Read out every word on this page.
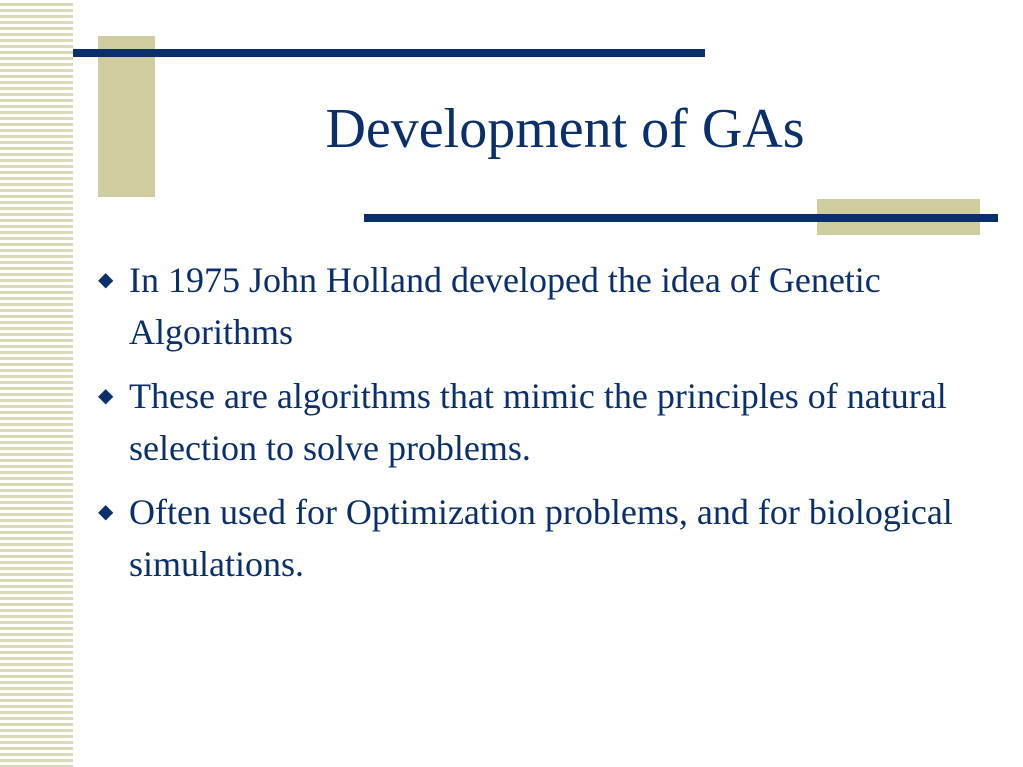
Development of GAs
◆ In 1975 John Holland developed the idea of Genetic Algorithms
◆ These are algorithms that mimic the principles of natural selection to solve problems.
◆ Often used for Optimization problems, and for biological simulations.
